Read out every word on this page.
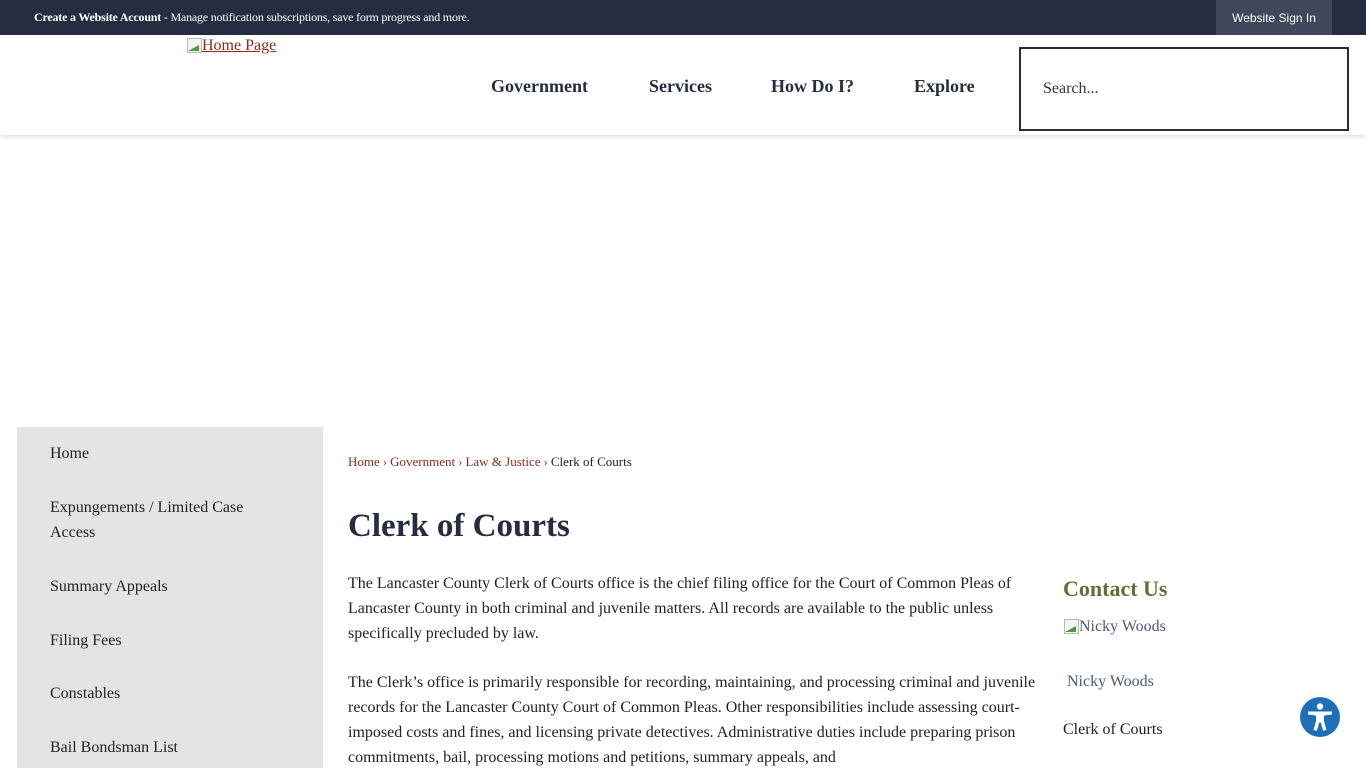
Create a Website Account - Manage notification subscriptions, save form progress and more.	Website Sign In
Home Page
Government	Services	How Do I?	Explore
Search...
Home
Expungements / Limited Case Access
Summary Appeals
Filing Fees
Constables
Bail Bondsman List
Home › Government › Law & Justice › Clerk of Courts
Clerk of Courts

The Lancaster County Clerk of Courts office is the chief filing office for the Court of Common Pleas of Lancaster County in both criminal and juvenile matters. All records are available to the public unless specifically precluded by law.

The Clerk’s office is primarily responsible for recording, maintaining, and processing criminal and juvenile records for the Lancaster County Court of Common Pleas. Other responsibilities include assessing court-imposed costs and fines, and licensing private detectives. Administrative duties include preparing prison commitments, bail, processing motions and petitions, summary appeals, and

Contact Us
Nicky Woods
Nicky Woods
Clerk of Courts
